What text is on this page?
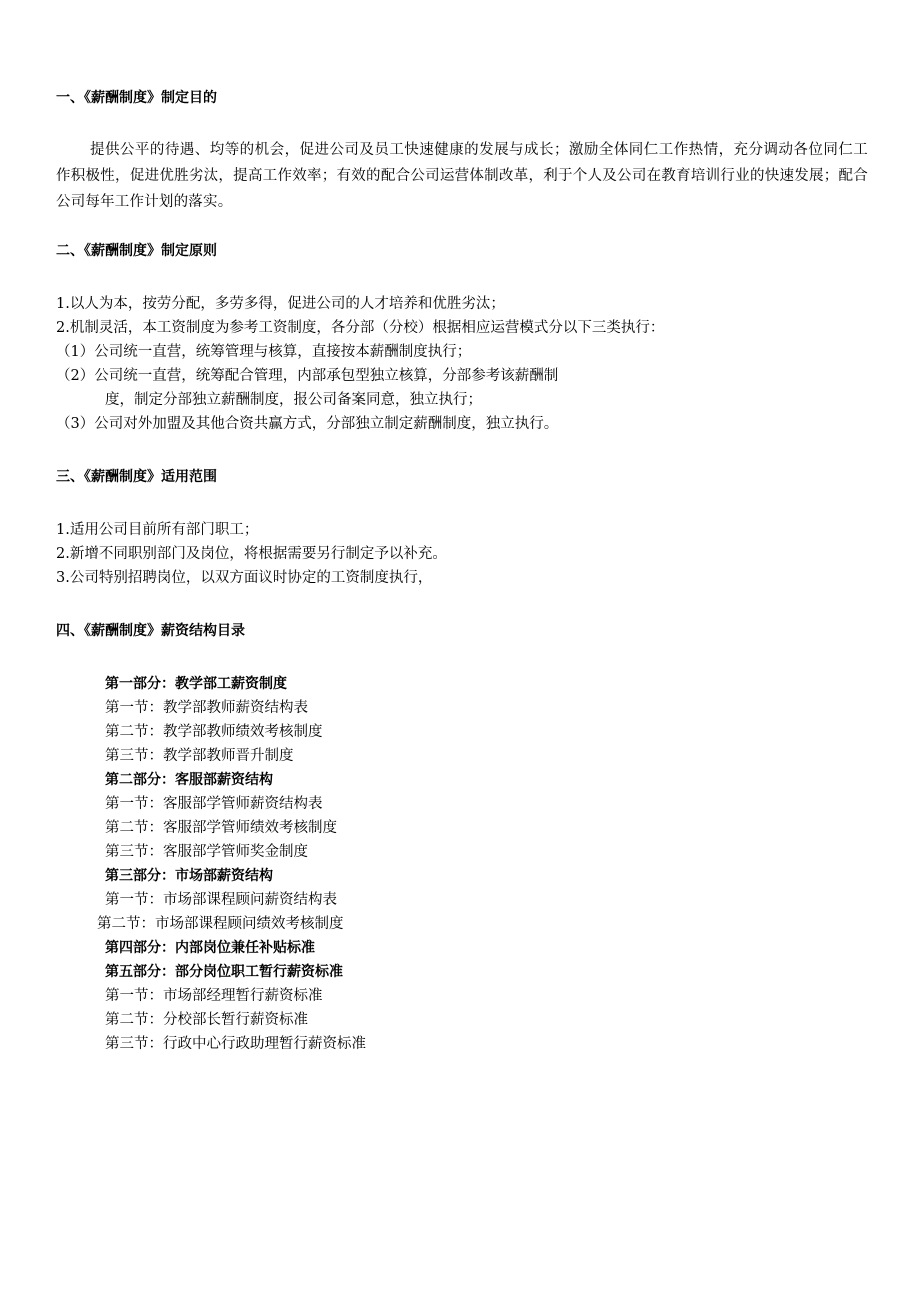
一、《薪酬制度》制定目的
提供公平的待遇、均等的机会，促进公司及员工快速健康的发展与成长；激励全体同仁工作热情，充分调动各位同仁工作积极性，促进优胜劣汰，提高工作效率；有效的配合公司运营体制改革，利于个人及公司在教育培训行业的快速发展；配合公司每年工作计划的落实。
二、《薪酬制度》制定原则
1.以人为本，按劳分配，多劳多得，促进公司的人才培养和优胜劣汰；
2.机制灵活，本工资制度为参考工资制度，各分部（分校）根据相应运营模式分以下三类执行：
（1）公司统一直营，统筹管理与核算，直接按本薪酬制度执行；
（2）公司统一直营，统筹配合管理，内部承包型独立核算，分部参考该薪酬制
度，制定分部独立薪酬制度，报公司备案同意，独立执行；
（3）公司对外加盟及其他合资共赢方式，分部独立制定薪酬制度，独立执行。
三、《薪酬制度》适用范围
1.适用公司目前所有部门职工；
2.新增不同职别部门及岗位，将根据需要另行制定予以补充。
3.公司特别招聘岗位，以双方面议时协定的工资制度执行，
四、《薪酬制度》薪资结构目录
第一部分：教学部工薪资制度
第一节：教学部教师薪资结构表
第二节：教学部教师绩效考核制度
第三节：教学部教师晋升制度
第二部分：客服部薪资结构
第一节：客服部学管师薪资结构表
第二节：客服部学管师绩效考核制度
第三节：客服部学管师奖金制度
第三部分：市场部薪资结构
第一节：市场部课程顾问薪资结构表
第二节：市场部课程顾问绩效考核制度
第四部分：内部岗位兼任补贴标准
第五部分：部分岗位职工暂行薪资标准
第一节：市场部经理暂行薪资标准
第二节：分校部长暂行薪资标准
第三节：行政中心行政助理暂行薪资标准
